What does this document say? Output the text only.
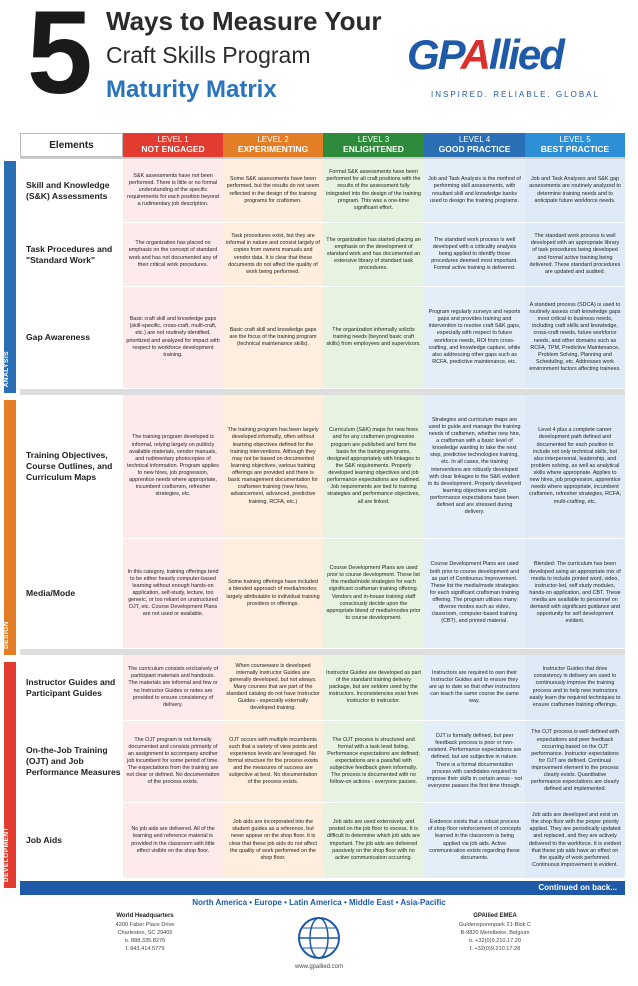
5 Ways to Measure Your
Craft Skills Program
Maturity Matrix
GPAllied
INSPIRED. RELIABLE. GLOBAL
Elements
LEVEL 1
NOT ENGAGED
LEVEL 2
EXPERIMENTING
LEVEL 3
ENLIGHTENED
LEVEL 4
GOOD PRACTICE
LEVEL 5
BEST PRACTICE
Skill and Knowledge (S&K) Assessments
S&K assessments have not been performed. There is little or no formal understanding of the specific requirements for each position beyond a rudimentary job description.
Some S&K assessments have been performed, but the results do not seem reflected in the design of the training programs for craftsmen.
Formal S&K assessments have been performed for all craft positions with the results of the assessment fully integrated into the design of the training program. This was a one-time significant effort.
Job and Task Analysis is the method of performing skill assessments, with resultant skill and knowledge banks used to design the training programs.
Job and Task Analyses and S&K gap assessments are routinely analyzed to determine training needs and to anticipate future workforce needs.
Task Procedures and "Standard Work"
The organization has placed no emphasis on the concept of standard work and has not documented any of their critical work procedures.
Task procedures exist, but they are informal in nature and consist largely of copies from owners manuals and vendor data. It is clear that these documents do not affect the quality of work being performed.
The organization has started placing an emphasis on the development of standard work and has documented an extensive library of standard task procedures.
The standard work process is well developed with a criticality analysis being applied to identify those procedures deemed most important. Formal active training is delivered.
The standard work process is well developed with an appropriate library of task procedures being developed and formal active training being delivered. These standard procedures are updated and audited.
Gap Awareness
Basic craft skill and knowledge gaps (skill-specific, cross-craft, multi-craft, etc.) are not routinely identified, prioritized and analyzed for impact with respect to workforce development training.
Basic craft skill and knowledge gaps are the focus of the training program (technical maintenance skills).
The organization informally solicits training needs (beyond basic craft skills) from employees and supervisors.
Program regularly surveys and reports gaps and provides training and intervention to resolve craft S&K gaps, especially with respect to future workforce needs, ROI from cross-crafting, and knowledge capture, while also addressing other gaps such as RCFA, predictive maintenance, etc.
A standard process (SDCA) is used to routinely assess craft knowledge gaps most critical to business needs, including craft skills and knowledge, cross-craft needs, future workforce needs, and other domains such as RCFA, TPM, Predictive Maintenance, Problem Solving, Planning and Scheduling, etc. Addresses work environment factors affecting trainees.
Training Objectives, Course Outlines, and Curriculum Maps
The training program developed is informal, relying largely on publicly available materials, vendor manuals, and rudimentary photocopies of technical information. Program applies to new hires, job progression, apprentice needs where appropriate, incumbent craftsmen, refresher strategies, etc.
The training program has been largely developed informally, often without learning objectives defined for the training interventions. Although they may not be based on documented learning objectives, various training offerings are provided and there is basic management documentation for craftsmen training (new hires, advancement, advanced, predictive training, RCFA, etc.)
Curriculum (S&K) maps for new hires and for any craftsmen progression program are published and form the basis for the training programs, designed appropriately with linkages to the S&K requirements. Properly developed learning objectives and job performance expectations are outlined. Job requirements are tied to training strategies and performance objectives, all are linked.
Strategies and curriculum maps are used to guide and manage the training needs of craftsmen, whether new hire, a craftsman with a basic level of knowledge wanting to take the next step, predictive technologies training, etc. In all cases, the training interventions are robustly developed with clear linkages to the S&K evident in its development. Properly developed learning objectives and job performance expectations have been defined and are stressed during delivery.
Level 4 plus a complete career development path defined and documented for each position to include not only technical skills, but also interpersonal, leadership, and problem solving, as well as analytical skills where appropriate. Applies to new hires, job progression, apprentice needs where appropriate, incumbent craftsmen, refresher strategies, RCFA, multi-crafting, etc.
Media/Mode
In this category, training offerings tend to be either heavily computer-based learning without enough hands-on application, self-study, lecture, too generic, or too reliant on unstructured OJT, etc. Course Development Plans are not used or available.
Some training offerings have included a blended approach of media/modes; largely attributable to individual training providers or offerings.
Course Development Plans are used prior to course development. These list the media/mode strategies for each significant craftsman training offering. Vendors and in-house training staff consciously decide upon the appropriate blend of media/modes prior to course development.
Course Development Plans are used both prior to course development and as part of Continuous Improvement. These list the media/mode strategies for each significant craftsman training offering. The program utilizes many diverse modes such as video, classroom, computer-based training (CBT), and printed material.
Blended: The curriculum has been developed using an appropriate mix of media to include printed word, video, instructor-led, self study modules, hands-on application, and CBT. These media are available to personnel on demand with significant guidance and opportunity for self development evident.
Instructor Guides and Participant Guides
The curriculum consists exclusively of participant materials and handouts. The materials are informal and few or no Instructor Guides or notes are provided to ensure consistency of delivery.
When courseware is developed internally Instructor Guides are generally developed, but not always. Many courses that are part of the standard catalog do not have Instructor Guides - especially externally developed training.
Instructor Guides are developed as part of the standard training delivery package, but are seldom used by the instructors. Inconsistencies exist from instructor to instructor.
Instructors are required to own their Instructor Guides and to ensure they are up to date so that other instructors can teach the same course the same way.
Instructor Guides that drive consistency in delivery are used to continuously improve the training process and to help new instructors easily learn the required techniques to ensure craftsmen training offerings.
On-the-Job Training (OJT) and Job Performance Measures
The OJT program is not formally documented and consists primarily of an assignment to accompany another job incumbent for some period of time. The expectations from the training are not clear or defined. No documentation of the process exists.
OJT occurs with multiple incumbents such that a variety of view points and experience levels are leveraged. No formal structure for the process exists and the measures of success are subjective at best. No documentation of the process exists.
The OJT process is structured and formal with a task level listing. Performance expectations are defined; expectations are a pass/fail with subjective feedback given informally. The process is documented with no follow-on actions - everyone passes.
OJT is formally defined, but peer feedback process is poor or non-existent. Performance expectations are defined, but are subjective in nature. There is a formal documentation process with candidates required to improve their skills in certain areas - not everyone passes the first time through.
The OJT process is well defined with expectations and peer feedback occurring based on the OJT performance. Instructor expectations for OJT are defined. Continual improvement element to the process clearly exists. Quantitative performance expectations are clearly defined and implemented.
Job Aids
No job aids are delivered. All of the learning and reference material is provided in the classroom with little effect visible on the shop floor.
Job aids are incorporated into the student guides as a reference, but never appear on the shop floor. It is clear that these job aids do not affect the quality of work performed on the shop floor.
Job aids are used extensively and posted on the job floor to excess. It is difficult to determine which job aids are important. The job aids are delivered passively on the shop floor with no active communication occurring.
Evidence exists that a robust process of shop floor reinforcement of concepts learned in the classroom is being applied via job aids. Active communication exists regarding these documents.
Job aids are developed and exist on the shop floor with the proper priority applied. They are periodically updated and replaced, and they are actively delivered to the workforce. It is evident that these job aids have an effect on the quality of work performed. Continuous improvement is evident.
Continued on back...
North America • Europe • Latin America • Middle East • Asia-Pacific
World Headquarters
4200 Faber Place Drive
Charleston, SC 29405
o. 888.335.8276
f. 843.414.5779
GPAllied EMEA
Guldensporenpark 21-Blok C
B-9820 Merelbeke, Belgium
o. +32(0)9.210.17.20
f. +32(0)9.210.17.28
www.gpallied.com
ANALYSIS
DESIGN
DEVELOPMENT
